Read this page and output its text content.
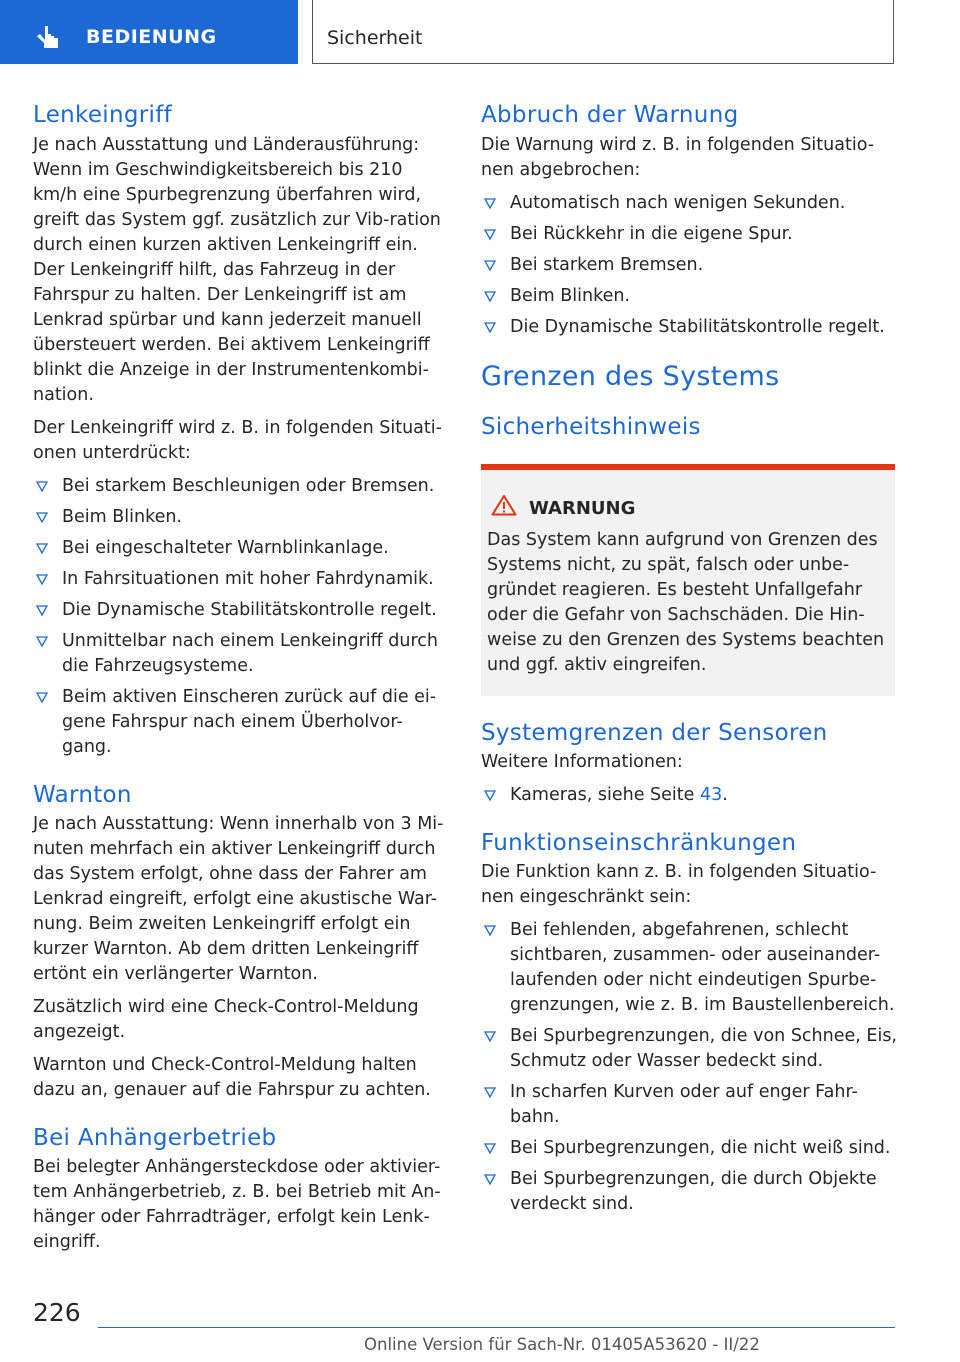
BEDIENUNG	Sicherheit
Lenkeingriff

Je nach Ausstattung und Länderausführung: Wenn im Geschwindigkeitsbereich bis 210 km/h eine Spurbegrenzung überfahren wird, greift das System ggf. zusätzlich zur Vib-ration durch einen kurzen aktiven Lenkeingriff ein. Der Lenkeingriff hilft, das Fahrzeug in der Fahrspur zu halten. Der Lenkeingriff ist am Lenkrad spürbar und kann jederzeit manuell übersteuert werden. Bei aktivem Lenkeingriff blinkt die Anzeige in der Instrumentenkombi-nation.

Der Lenkeingriff wird z. B. in folgenden Situati-onen unterdrückt:

Bei starkem Beschleunigen oder Bremsen.
Beim Blinken.
Bei eingeschalteter Warnblinkanlage.
In Fahrsituationen mit hoher Fahrdynamik.
Die Dynamische Stabilitätskontrolle regelt.
Unmittelbar nach einem Lenkeingriff durch die Fahrzeugsysteme.
Beim aktiven Einscheren zurück auf die ei-gene Fahrspur nach einem Überholvor-gang.
Warnton

Je nach Ausstattung: Wenn innerhalb von 3 Mi-nuten mehrfach ein aktiver Lenkeingriff durch das System erfolgt, ohne dass der Fahrer am Lenkrad eingreift, erfolgt eine akustische War-nung. Beim zweiten Lenkeingriff erfolgt ein kurzer Warnton. Ab dem dritten Lenkeingriff ertönt ein verlängerter Warnton.

Zusätzlich wird eine Check-Control-Meldung angezeigt.

Warnton und Check-Control-Meldung halten dazu an, genauer auf die Fahrspur zu achten.

Bei Anhängerbetrieb

Bei belegter Anhängersteckdose oder aktivier-tem Anhängerbetrieb, z. B. bei Betrieb mit An-hänger oder Fahrradträger, erfolgt kein Lenk-eingriff.

Abbruch der Warnung

Die Warnung wird z. B. in folgenden Situatio-nen abgebrochen:

Automatisch nach wenigen Sekunden.
Bei Rückkehr in die eigene Spur.
Bei starkem Bremsen.
Beim Blinken.
Die Dynamische Stabilitätskontrolle regelt.
Grenzen des Systems
Sicherheitshinweis
WARNUNG
Das System kann aufgrund von Grenzen des Systems nicht, zu spät, falsch oder unbe-gründet reagieren. Es besteht Unfallgefahr oder die Gefahr von Sachschäden. Die Hin-weise zu den Grenzen des Systems beachten und ggf. aktiv eingreifen.
Systemgrenzen der Sensoren

Weitere Informationen:

Kameras, siehe Seite 43.
Funktionseinschränkungen

Die Funktion kann z. B. in folgenden Situatio-nen eingeschränkt sein:

Bei fehlenden, abgefahrenen, schlecht sichtbaren, zusammen- oder auseinander-laufenden oder nicht eindeutigen Spurbe-grenzungen, wie z. B. im Baustellenbereich.
Bei Spurbegrenzungen, die von Schnee, Eis, Schmutz oder Wasser bedeckt sind.
In scharfen Kurven oder auf enger Fahr-bahn.
Bei Spurbegrenzungen, die nicht weiß sind.
Bei Spurbegrenzungen, die durch Objekte verdeckt sind.
226
Online Version für Sach-Nr. 01405A53620 - II/22
